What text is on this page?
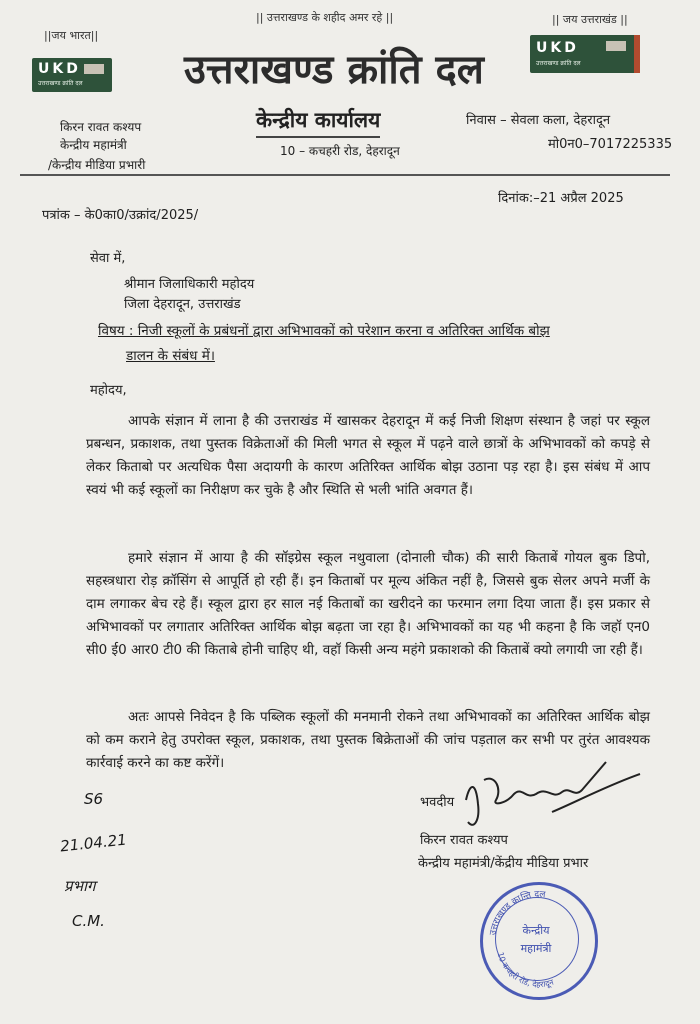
||जय भारत||
|| उत्तराखण्ड के शहीद अमर रहे ||	|| जय उत्तराखंड ||
UKD
उत्तराखण्ड क्रांति दल
UKD
उत्तराखण्ड क्रांति दल
उत्तराखण्ड क्रांति दल
किरन रावत कश्यप
केन्द्रीय महामंत्री
/केन्द्रीय मीडिया प्रभारी
केन्द्रीय कार्यालय
10 – कचहरी रोड, देहरादून
निवास – सेवला कला, देहरादून
मो0न0–7017225335
दिनांक:–21 अप्रैल 2025
पत्रांक – के0का0/उक्रांद/2025/
सेवा में,
श्रीमान जिलाधिकारी महोदय
जिला देहरादून, उत्तराखंड
विषय : निजी स्कूलों के प्रबंधनों द्वारा अभिभावकों को परेशान करना व अतिरिक्त आर्थिक बोझ
डालन के संबंध में।
महोदय,
आपके संज्ञान में लाना है की उत्तराखंड में खासकर देहरादून में कई निजी शिक्षण संस्थान है जहां पर स्कूल प्रबन्धन, प्रकाशक, तथा पुस्तक विक्रेताओं की मिली भगत से स्कूल में पढ़ने वाले छात्रों के अभिभावकों को कपड़े से लेकर किताबो पर अत्यधिक पैसा अदायगी के कारण अतिरिक्त आर्थिक बोझ उठाना पड़ रहा है। इस संबंध में आप स्वयं भी कई स्कूलों का निरीक्षण कर चुके है और स्थिति से भली भांति अवगत हैं।
हमारे संज्ञान में आया है की सॉइग्रेस स्कूल नथुवाला (दोनाली चौक) की सारी किताबें गोयल बुक डिपो, सहस्त्रधारा रोड़ क्रॉसिंग से आपूर्ति हो रही हैं। इन किताबों पर मूल्य अंकित नहीं है, जिससे बुक सेलर अपने मर्जी के दाम लगाकर बेच रहे हैं। स्कूल द्वारा हर साल नई किताबों का खरीदने का फरमान लगा दिया जाता हैं। इस प्रकार से अभिभावकों पर लगातार अतिरिक्त आर्थिक बोझ बढ़ता जा रहा है। अभिभावकों का यह भी कहना है कि जहॉ एन0 सी0 ई0 आर0 टी0 की किताबे होनी चाहिए थी, वहॉ किसी अन्य महंगे प्रकाशको की किताबें क्यो लगायी जा रही हैं।
अतः आपसे निवेदन है कि पब्लिक स्कूलों की मनमानी रोकने तथा अभिभावकों का अतिरिक्त आर्थिक बोझ को कम कराने हेतु उपरोक्त स्कूल, प्रकाशक, तथा पुस्तक बिक्रेताओं की जांच पड़ताल कर सभी पर तुरंत आवश्यक कार्रवाई करने का कष्ट करेंगें।
भवदीय
किरन रावत कश्यप
केन्द्रीय महामंत्री/केंद्रीय मीडिया प्रभार
S6
21.04.21
प्रभाग
C.M.
उत्तराखण्ड क्रान्ति दल
10 कचहरी रोड, देहरादून
केन्द्रीय
महामंत्री
